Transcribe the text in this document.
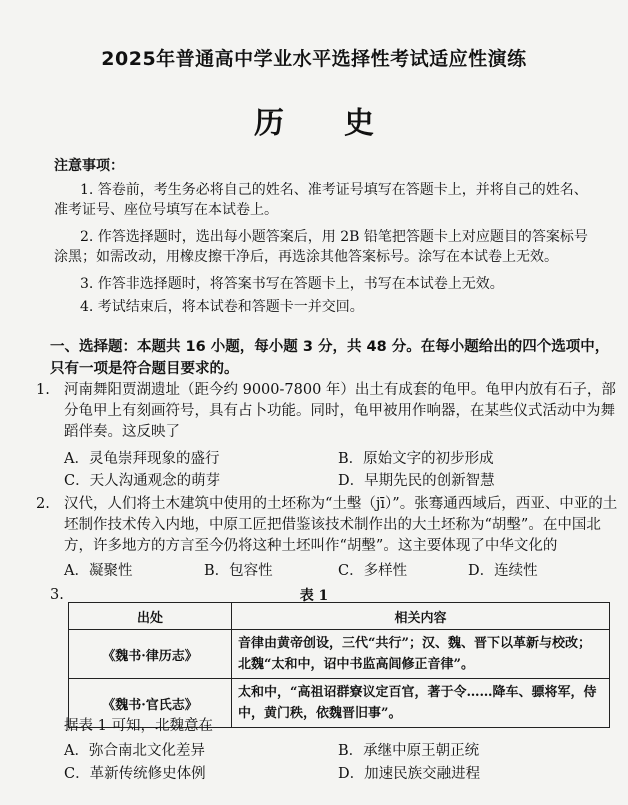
2025年普通高中学业水平选择性考试适应性演练
历史
注意事项：
1. 答卷前，考生务必将自己的姓名、准考证号填写在答题卡上，并将自己的姓名、准考证号、座位号填写在本试卷上。
2. 作答选择题时，选出每小题答案后，用 2B 铅笔把答题卡上对应题目的答案标号涂黑；如需改动，用橡皮擦干净后，再选涂其他答案标号。涂写在本试卷上无效。
3. 作答非选择题时，将答案书写在答题卡上，书写在本试卷上无效。
4. 考试结束后，将本试卷和答题卡一并交回。
一、选择题：本题共 16 小题，每小题 3 分，共 48 分。在每小题给出的四个选项中，只有一项是符合题目要求的。
1. 河南舞阳贾湖遗址（距今约 9000-7800 年）出土有成套的龟甲。龟甲内放有石子，部分龟甲上有刻画符号，具有占卜功能。同时，龟甲被用作响器，在某些仪式活动中为舞蹈伴奏。这反映了
A．灵龟崇拜现象的盛行	B．原始文字的初步形成
C．天人沟通观念的萌芽	D．早期先民的创新智慧
2. 汉代，人们将土木建筑中使用的土坯称为“土墼（jī）”。张骞通西域后，西亚、中亚的土坯制作技术传入内地，中原工匠把借鉴该技术制作出的大土坯称为“胡墼”。在中国北方，许多地方的方言至今仍将这种土坯叫作“胡墼”。这主要体现了中华文化的
A．凝聚性	B．包容性	C．多样性	D．连续性
3.	表 1
出处	相关内容
《魏书·律历志》	音律由黄帝创设，三代“共行”；汉、魏、晋下以革新与校改；北魏“太和中，诏中书监高闾修正音律”。
《魏书·官氏志》	太和中，“高祖诏群寮议定百官，著于令……降车、骠将军，侍中，黄门秩，依魏晋旧事”。
据表 1 可知，北魏意在
A．弥合南北文化差异	B．承继中原王朝正统
C．革新传统修史体例	D．加速民族交融进程
